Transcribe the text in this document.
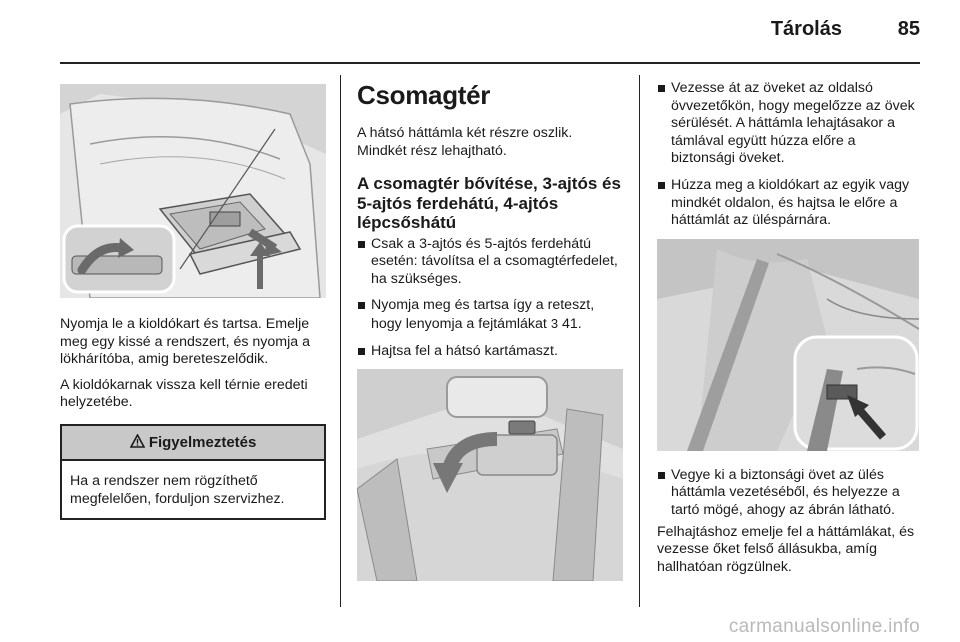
Tárolás	85

Nyomja le a kioldókart és tartsa. Emelje meg egy kissé a rendszert, és nyomja a lökhárítóba, amig bereteszelődik.

A kioldókarnak vissza kell térnie eredeti helyzetébe.

Figyelmeztetés
Ha a rendszer nem rögzíthető megfelelően, forduljon szervizhez.
Csomagtér

A hátsó háttámla két részre oszlik. Mindkét rész lehajtható.

A csomagtér bővítése, 3-ajtós és 5-ajtós ferdehátú, 4-ajtós lépcsőshátú
Csak a 3-ajtós és 5-ajtós ferdehátú esetén: távolítsa el a csomagtérfedelet, ha szükséges.
Nyomja meg és tartsa így a reteszt, hogy lenyomja a fejtámlákat 3 41.
Hajtsa fel a hátsó kartámaszt.
Vezesse át az öveket az oldalsó övvezetőkön, hogy megelőzze az övek sérülését. A háttámla lehajtásakor a támlával együtt húzza előre a biztonsági öveket.
Húzza meg a kioldókart az egyik vagy mindkét oldalon, és hajtsa le előre a háttámlát az üléspárnára.
Vegye ki a biztonsági övet az ülés háttámla vezetéséből, és helyezze a tartó mögé, ahogy az ábrán látható.

Felhajtáshoz emelje fel a háttámlákat, és vezesse őket felső állásukba, amíg hallhatóan rögzülnek.

carmanualsonline.info
